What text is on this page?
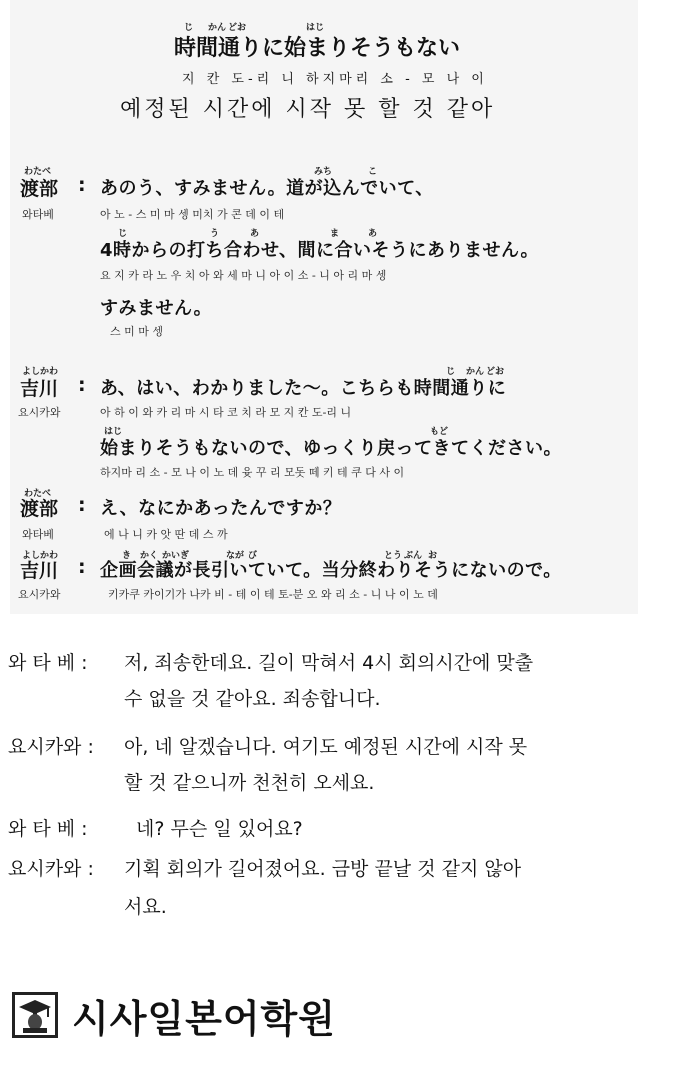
じ かん どお	はじ
時間通りに始まりそうもない
지 칸 도-리 니 하지마리 소 - 모 나 이
예정된 시간에 시작 못 할 것 같아
わたべ
渡部 :
와타베
みち	こ
あのう、すみません。道が込んでいて、
아 노 - 스 미 마 셍 미치 가 콘 데 이 테
じ	う	あ	ま	あ
4時からの打ち合わせ、間に合いそうにありません。
요 지 카 라 노 우 치 아 와 세 마 니 아 이 소 - 니 아 리 마 셍
すみません。
스 미 마 셍
よしかわ
吉川 :
요시카와
じ かん どお
あ、はい、わかりました～。こちらも時間通りに
아 하 이 와 카 리 마 시 타 코 치 라 모 지 칸 도-리 니
はじ	もど
始まりそうもないので、ゆっくり戻ってきてください。
하지마 리 소 - 모 나 이 노 데 윳 꾸 리 모돗 떼 키 테 쿠 다 사 이
わたべ
渡部 :
와타베
え、なにかあったんですか？
에 나 니 카 앗 딴 데 스 까
よしかわ
吉川 :
요시카와
き かく かい ぎ	なが び	とう ぶん お
企画会議が長引いていて。当分終わりそうにないので。
키카쿠 카이기가 나카 비 - 테 이 테 토-분 오 와 리 소 - 니 나 이 노 데
와 타 베 : 저, 죄송한데요. 길이 막혀서 4시 회의시간에 맞출
수 없을 것 같아요. 죄송합니다.
요시카와 : 아, 네 알겠습니다. 여기도 예정된 시간에 시작 못
할 것 같으니까 천천히 오세요.
와 타 베 :	네? 무슨 일 있어요?
요시카와 : 기획 회의가 길어졌어요. 금방 끝날 것 같지 않아
서요.
시사일본어학원
